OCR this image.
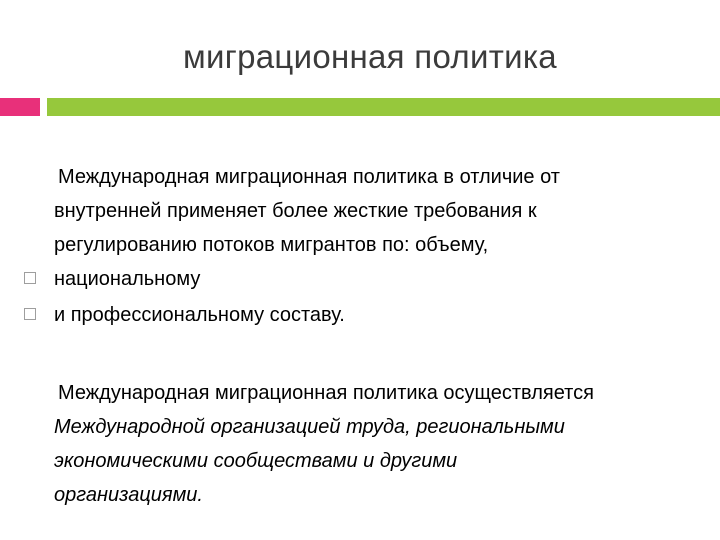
миграционная политика
Международная миграционная политика в отличие от
внутренней применяет более жесткие требования к
регулированию потоков мигрантов по: объему,
национальному
и профессиональному составу.
Международная миграционная политика осуществляется
Международной организацией труда, региональными
экономическими сообществами и другими
организациями.
